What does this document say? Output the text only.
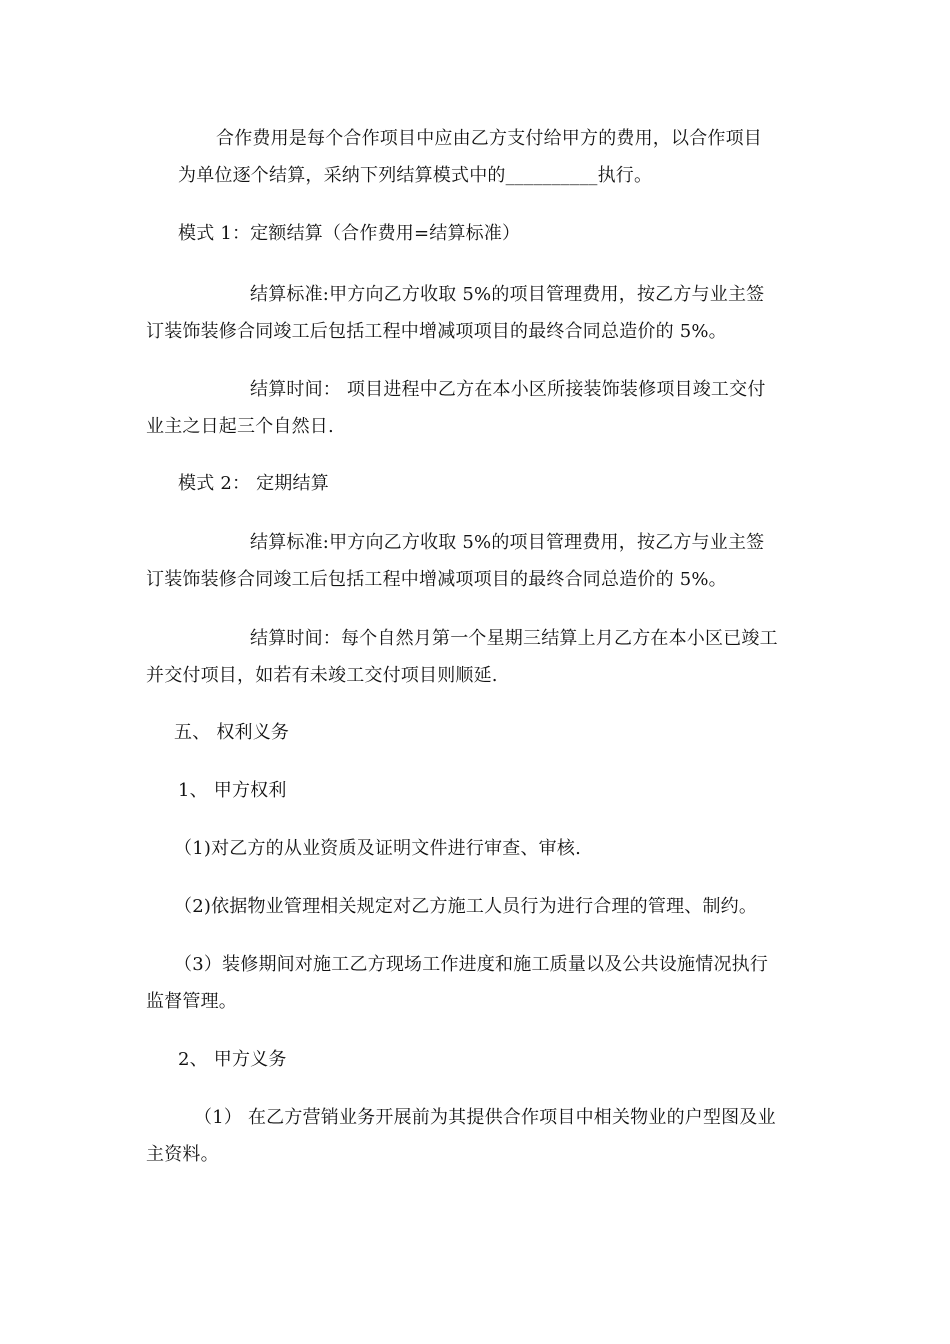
合作费用是每个合作项目中应由乙方支付给甲方的费用，以合作项目
为单位逐个结算，采纳下列结算模式中的__________执行。
模式 1：定额结算（合作费用=结算标准）
结算标准:甲方向乙方收取 5%的项目管理费用，按乙方与业主签
订装饰装修合同竣工后包括工程中增减项项目的最终合同总造价的 5%。
结算时间： 项目进程中乙方在本小区所接装饰装修项目竣工交付
业主之日起三个自然日.
模式 2： 定期结算
结算标准:甲方向乙方收取 5%的项目管理费用，按乙方与业主签
订装饰装修合同竣工后包括工程中增减项项目的最终合同总造价的 5%。
结算时间：每个自然月第一个星期三结算上月乙方在本小区已竣工
并交付项目，如若有未竣工交付项目则顺延.
五、 权利义务
1、 甲方权利
（1)对乙方的从业资质及证明文件进行审查、审核.
（2)依据物业管理相关规定对乙方施工人员行为进行合理的管理、制约。
（3）装修期间对施工乙方现场工作进度和施工质量以及公共设施情况执行
监督管理。
2、 甲方义务
（1） 在乙方营销业务开展前为其提供合作项目中相关物业的户型图及业
主资料。
